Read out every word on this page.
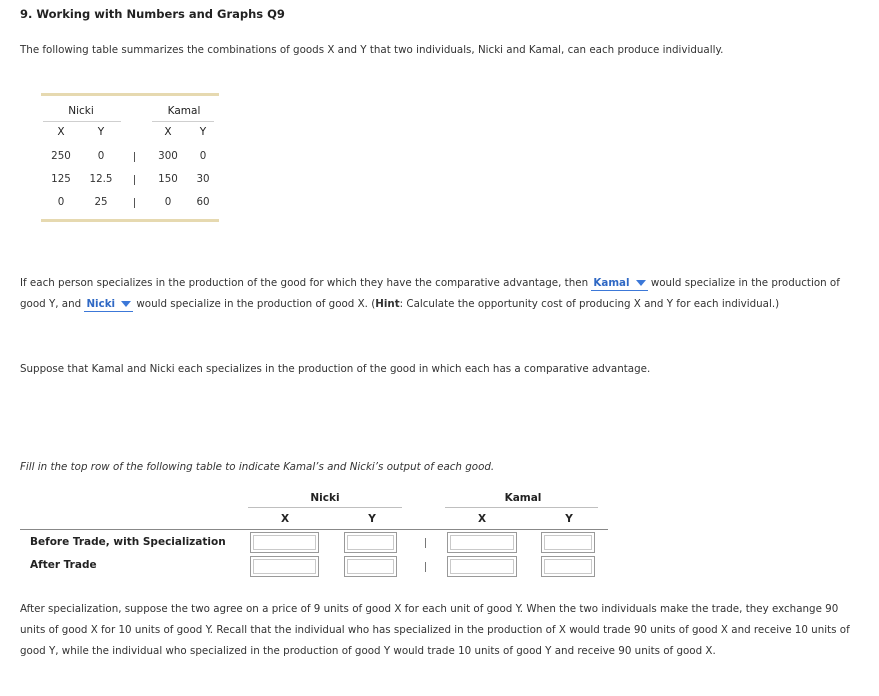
9. Working with Numbers and Graphs Q9
The following table summarizes the combinations of goods X and Y that two individuals, Nicki and Kamal, can each produce individually.
Nicki	Kamal
X	Y	X	Y
250	0	300	0
125	12.5	150	30
0	25	0	60
If each person specializes in the production of the good for which they have the comparative advantage, then Kamal would specialize in the production of good Y, and Nicki would specialize in the production of good X. (Hint: Calculate the opportunity cost of producing X and Y for each individual.)
Suppose that Kamal and Nicki each specializes in the production of the good in which each has a comparative advantage.
Fill in the top row of the following table to indicate Kamal’s and Nicki’s output of each good.
Nicki	Kamal
X	Y	X	Y
Before Trade, with Specialization
After Trade
After specialization, suppose the two agree on a price of 9 units of good X for each unit of good Y. When the two individuals make the trade, they exchange 90 units of good X for 10 units of good Y. Recall that the individual who has specialized in the production of X would trade 90 units of good X and receive 10 units of good Y, while the individual who specialized in the production of good Y would trade 10 units of good Y and receive 90 units of good X.
